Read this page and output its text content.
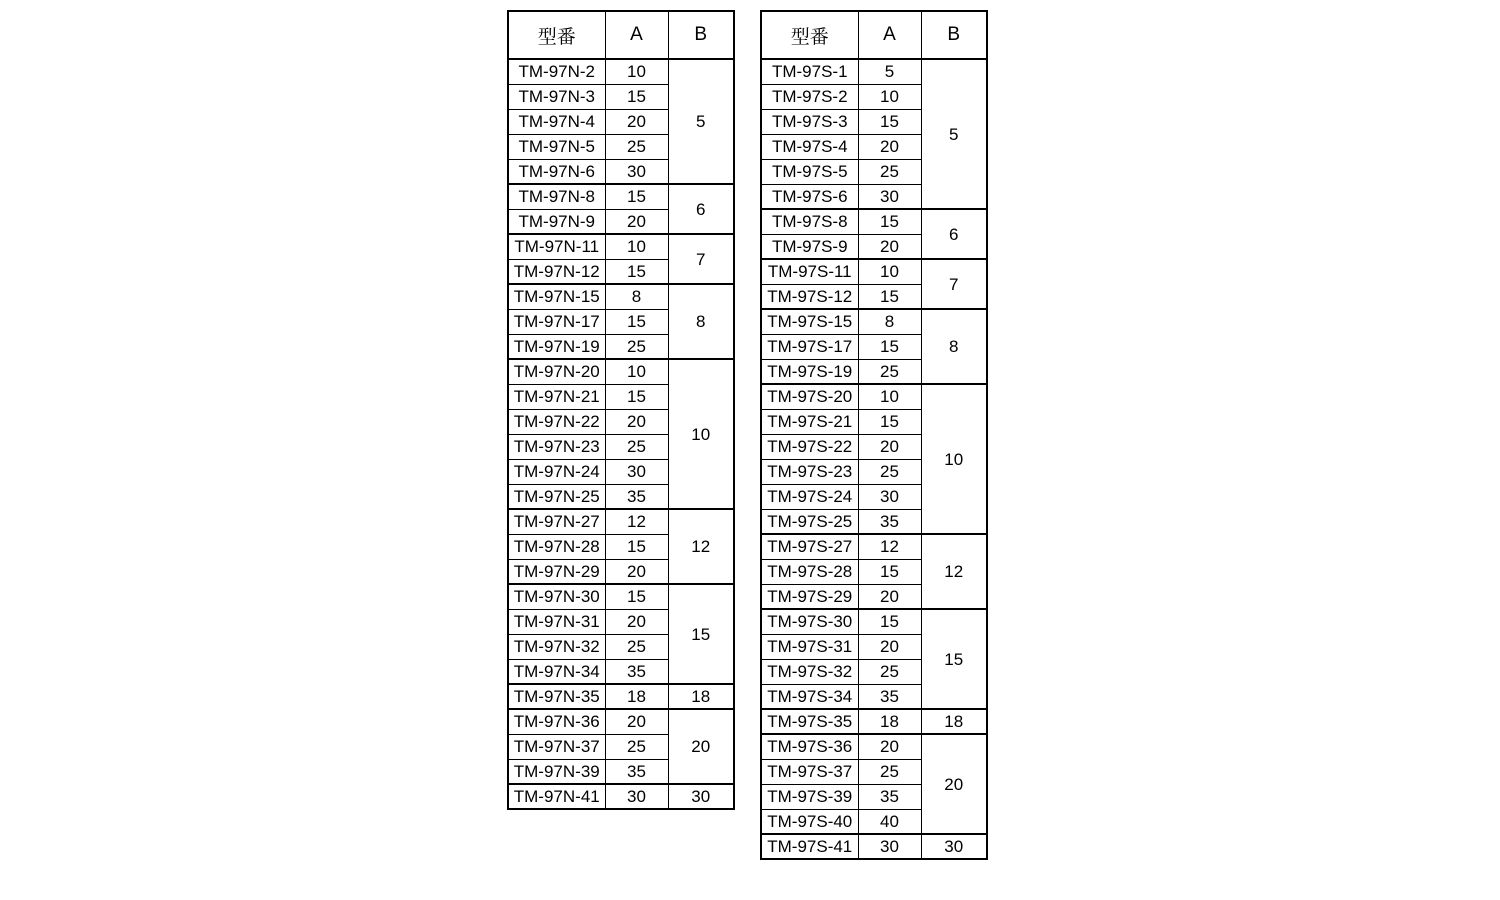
型番	A	B
TM-97N-2	10	5
TM-97N-3	15	
TM-97N-4	20	
TM-97N-5	25	
TM-97N-6	30	
TM-97N-8	15	6
TM-97N-9	20	
TM-97N-11	10	7
TM-97N-12	15	
TM-97N-15	8	8
TM-97N-17	15	
TM-97N-19	25	
TM-97N-20	10	10
TM-97N-21	15	
TM-97N-22	20	
TM-97N-23	25	
TM-97N-24	30	
TM-97N-25	35	
TM-97N-27	12	12
TM-97N-28	15	
TM-97N-29	20	
TM-97N-30	15	15
TM-97N-31	20	
TM-97N-32	25	
TM-97N-34	35	
TM-97N-35	18	18
TM-97N-36	20	20
TM-97N-37	25	
TM-97N-39	35	
TM-97N-41	30	30
型番	A	B
TM-97S-1	5	5
TM-97S-2	10	
TM-97S-3	15	
TM-97S-4	20	
TM-97S-5	25	
TM-97S-6	30	
TM-97S-8	15	6
TM-97S-9	20	
TM-97S-11	10	7
TM-97S-12	15	
TM-97S-15	8	8
TM-97S-17	15	
TM-97S-19	25	
TM-97S-20	10	10
TM-97S-21	15	
TM-97S-22	20	
TM-97S-23	25	
TM-97S-24	30	
TM-97S-25	35	
TM-97S-27	12	12
TM-97S-28	15	
TM-97S-29	20	
TM-97S-30	15	15
TM-97S-31	20	
TM-97S-32	25	
TM-97S-34	35	
TM-97S-35	18	18
TM-97S-36	20	20
TM-97S-37	25	
TM-97S-39	35	
TM-97S-40	40	
TM-97S-41	30	30
